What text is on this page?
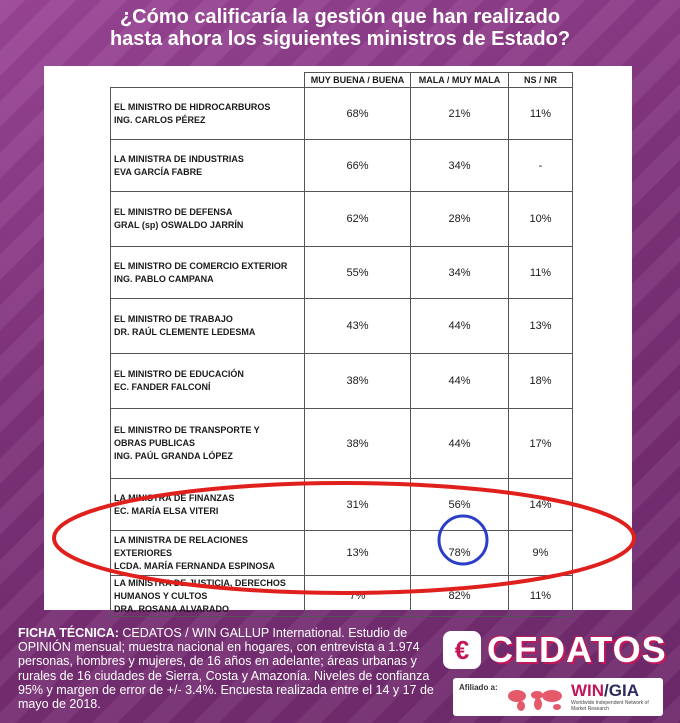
¿Cómo calificaría la gestión que han realizado
hasta ahora los siguientes ministros de Estado?
	MUY BUENA / BUENA	MALA / MUY MALA	NS / NR

EL MINISTRO DE HIDROCARBUROS
ING. CARLOS PÉREZ	68%	21%	11%

LA MINISTRA DE INDUSTRIAS
EVA GARCÍA FABRE	66%	34%	-

EL MINISTRO DE DEFENSA
GRAL (sp) OSWALDO JARRÍN	62%	28%	10%

EL MINISTRO DE COMERCIO EXTERIOR
ING. PABLO CAMPANA	55%	34%	11%

EL MINISTRO DE TRABAJO
DR. RAÚL CLEMENTE LEDESMA	43%	44%	13%

EL MINISTRO DE EDUCACIÓN
EC. FANDER FALCONÍ	38%	44%	18%

EL MINISTRO DE TRANSPORTE Y
OBRAS PUBLICAS
ING. PAÚL GRANDA LÓPEZ	38%	44%	17%

LA MINISTRA DE FINANZAS
EC. MARÍA ELSA VITERI	31%	56%	14%

LA MINISTRA DE RELACIONES
EXTERIORES
LCDA. MARÍA FERNANDA ESPINOSA	13%	78%	9%

LA MINISTRA DE JUSTICIA, DERECHOS
HUMANOS Y CULTOS
DRA. ROSANA ALVARADO	7%	82%	11%
FICHA TÉCNICA: CEDATOS / WIN GALLUP International. Estudio de OPINIÓN mensual; muestra nacional en hogares, con entrevista a 1.974 personas, hombres y mujeres, de 16 años en adelante; áreas urbanas y rurales de 16 ciudades de Sierra, Costa y Amazonía. Niveles de confianza 95% y margen de error de +/- 3.4%. Encuesta realizada entre el 14 y 17 de mayo de 2018.
€ CEDATOS
Afiliado a:	WIN/GIA
Worldwide Independent Network of Market Research
